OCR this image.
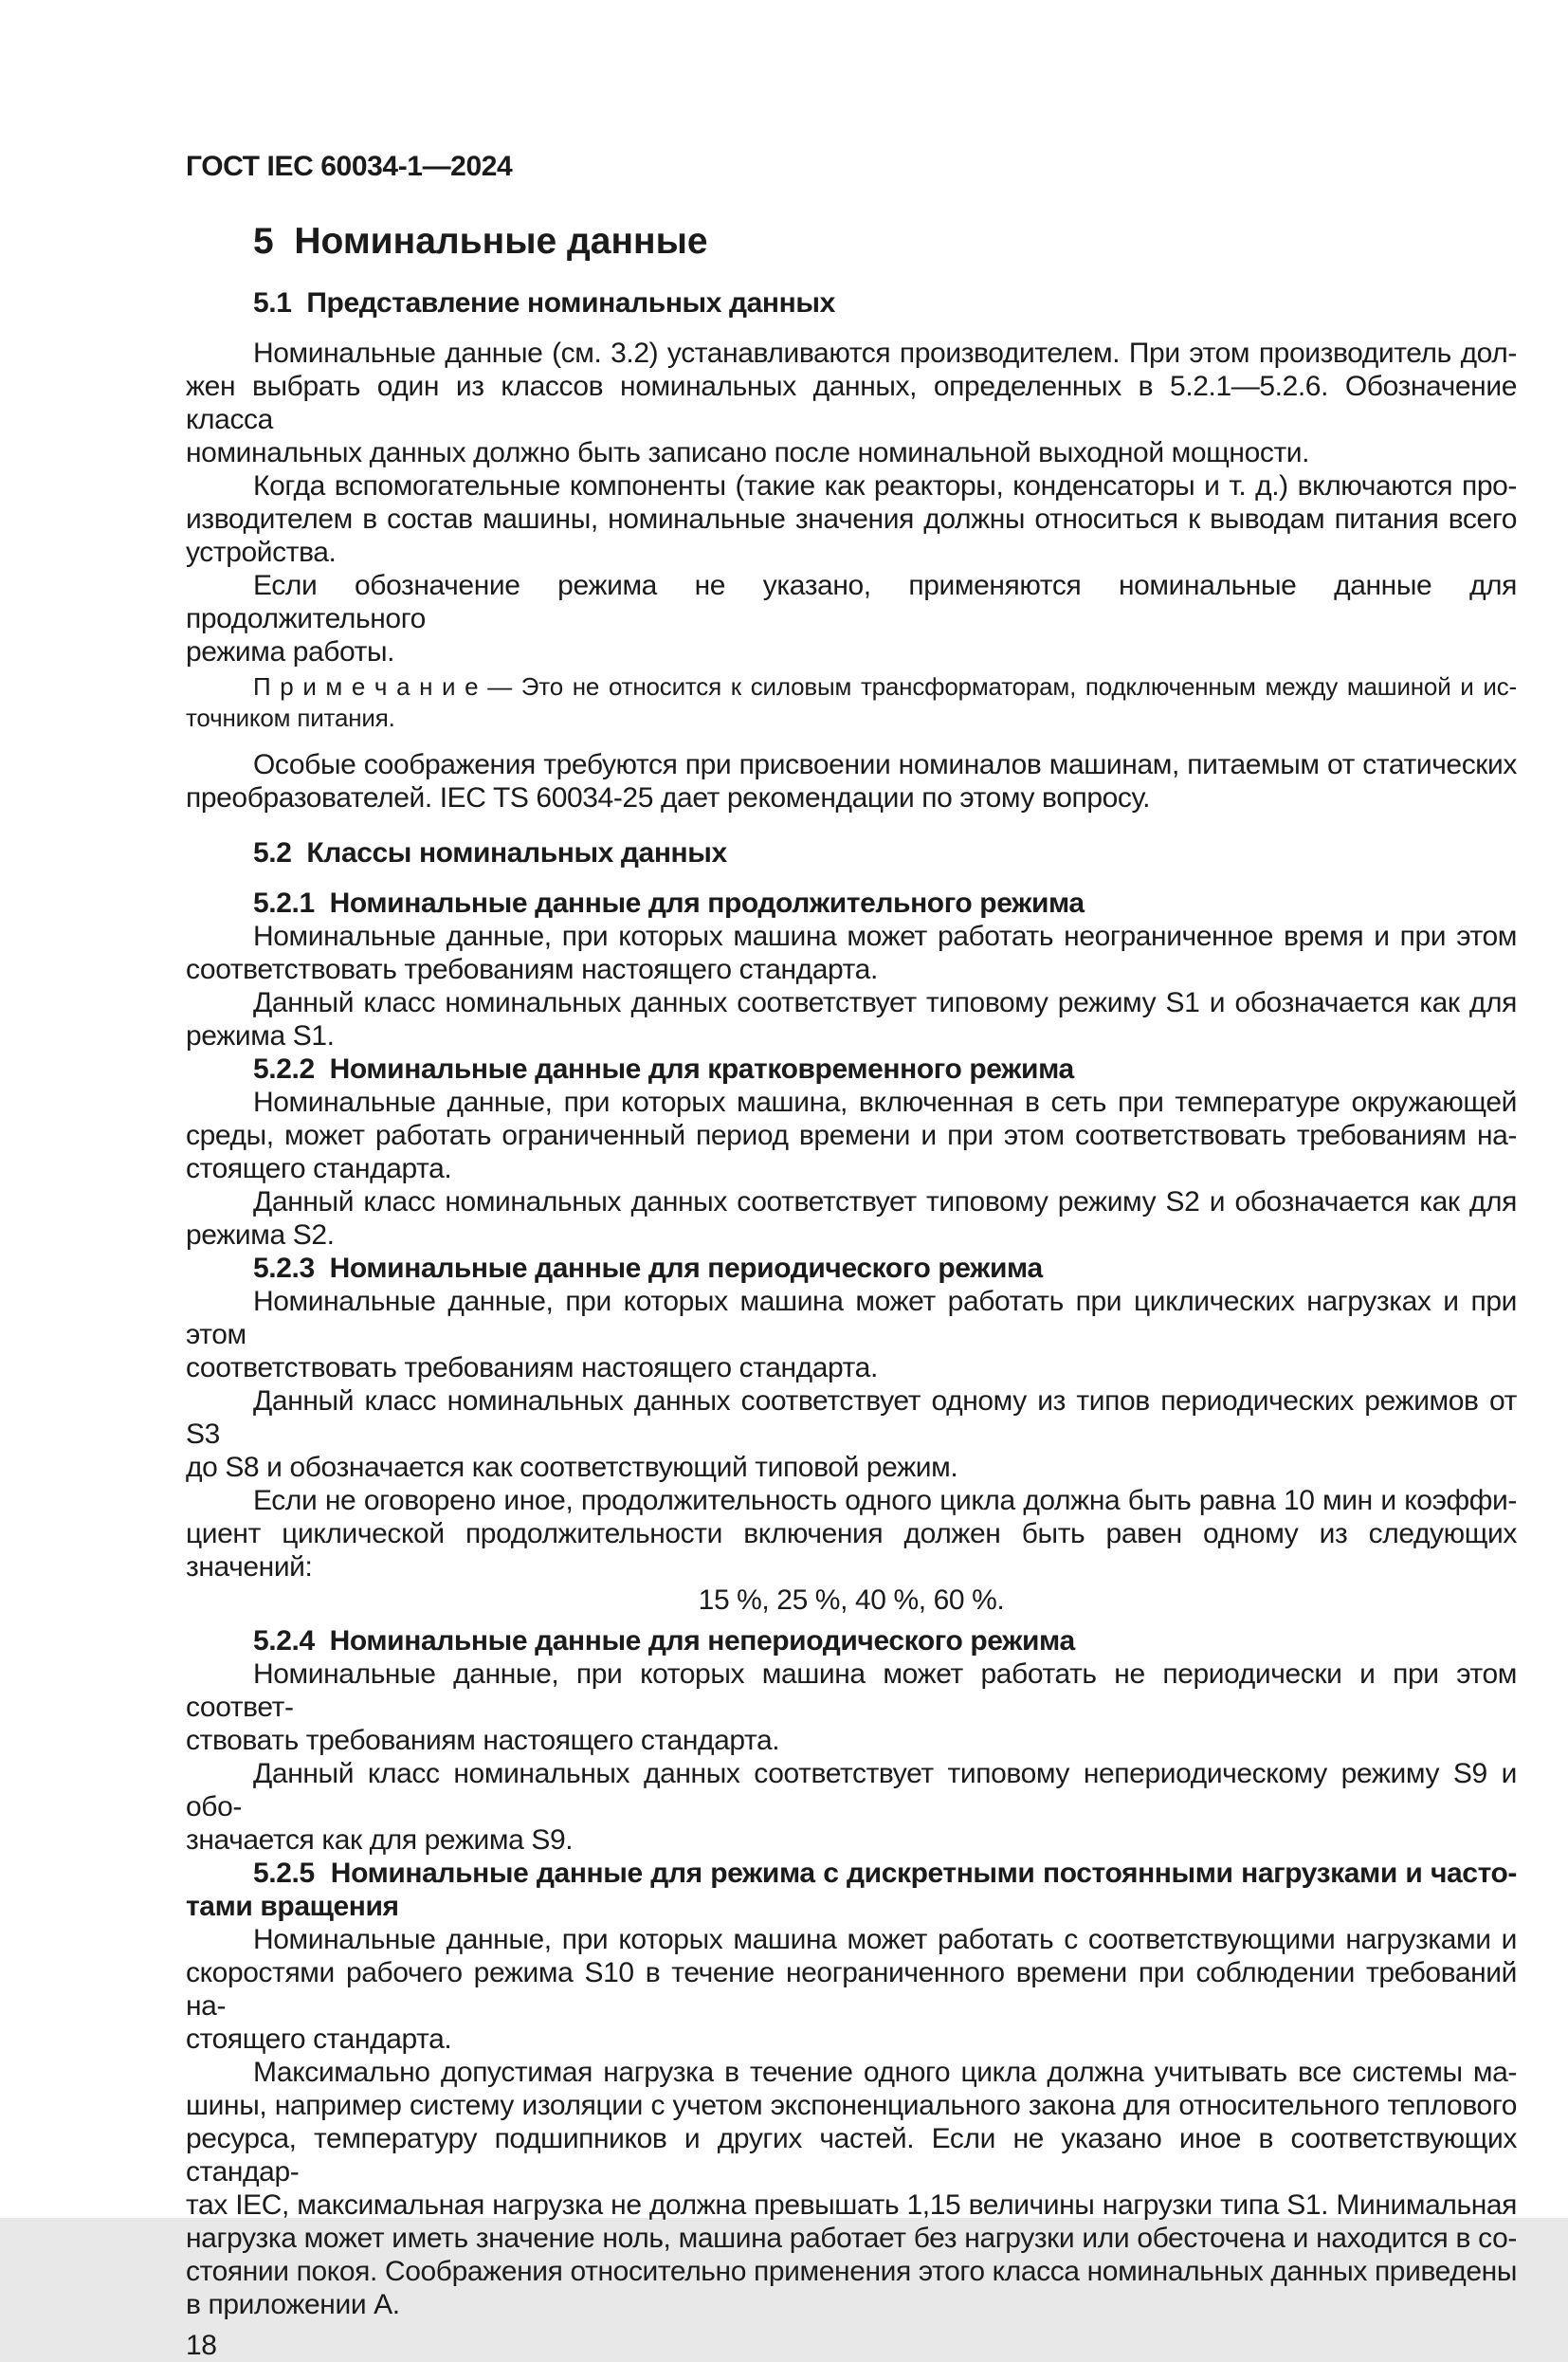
ГОСТ IEC 60034-1—2024
5  Номинальные данные
5.1  Представление номинальных данных
Номинальные данные (см. 3.2) устанавливаются производителем. При этом производитель дол-
жен выбрать один из классов номинальных данных, определенных в 5.2.1—5.2.6. Обозначение класса
номинальных данных должно быть записано после номинальной выходной мощности.
Когда вспомогательные компоненты (такие как реакторы, конденсаторы и т. д.) включаются про-
изводителем в состав машины, номинальные значения должны относиться к выводам питания всего
устройства.
Если обозначение режима не указано, применяются номинальные данные для продолжительного
режима работы.
П р и м е ч а н и е — Это не относится к силовым трансформаторам, подключенным между машиной и ис-
точником питания.
Особые соображения требуются при присвоении номиналов машинам, питаемым от статических
преобразователей. IEC TS 60034-25 дает рекомендации по этому вопросу.
5.2  Классы номинальных данных
5.2.1  Номинальные данные для продолжительного режима
Номинальные данные, при которых машина может работать неограниченное время и при этом
соответствовать требованиям настоящего стандарта.
Данный класс номинальных данных соответствует типовому режиму S1 и обозначается как для
режима S1.
5.2.2  Номинальные данные для кратковременного режима
Номинальные данные, при которых машина, включенная в сеть при температуре окружающей
среды, может работать ограниченный период времени и при этом соответствовать требованиям на-
стоящего стандарта.
Данный класс номинальных данных соответствует типовому режиму S2 и обозначается как для
режима S2.
5.2.3  Номинальные данные для периодического режима
Номинальные данные, при которых машина может работать при циклических нагрузках и при этом
соответствовать требованиям настоящего стандарта.
Данный класс номинальных данных соответствует одному из типов периодических режимов от S3
до S8 и обозначается как соответствующий типовой режим.
Если не оговорено иное, продолжительность одного цикла должна быть равна 10 мин и коэффи-
циент циклической продолжительности включения должен быть равен одному из следующих значений:
15 %, 25 %, 40 %, 60 %.
5.2.4  Номинальные данные для непериодического режима
Номинальные данные, при которых машина может работать не периодически и при этом соответ-
ствовать требованиям настоящего стандарта.
Данный класс номинальных данных соответствует типовому непериодическому режиму S9 и обо-
значается как для режима S9.
5.2.5  Номинальные данные для режима с дискретными постоянными нагрузками и часто-
тами вращения
Номинальные данные, при которых машина может работать с соответствующими нагрузками и
скоростями рабочего режима S10 в течение неограниченного времени при соблюдении требований на-
стоящего стандарта.
Максимально допустимая нагрузка в течение одного цикла должна учитывать все системы ма-
шины, например систему изоляции с учетом экспоненциального закона для относительного теплового
ресурса, температуру подшипников и других частей. Если не указано иное в соответствующих стандар-
тах IEC, максимальная нагрузка не должна превышать 1,15 величины нагрузки типа S1. Минимальная
нагрузка может иметь значение ноль, машина работает без нагрузки или обесточена и находится в со-
стоянии покоя. Соображения относительно применения этого класса номинальных данных приведены
в приложении А.
18
